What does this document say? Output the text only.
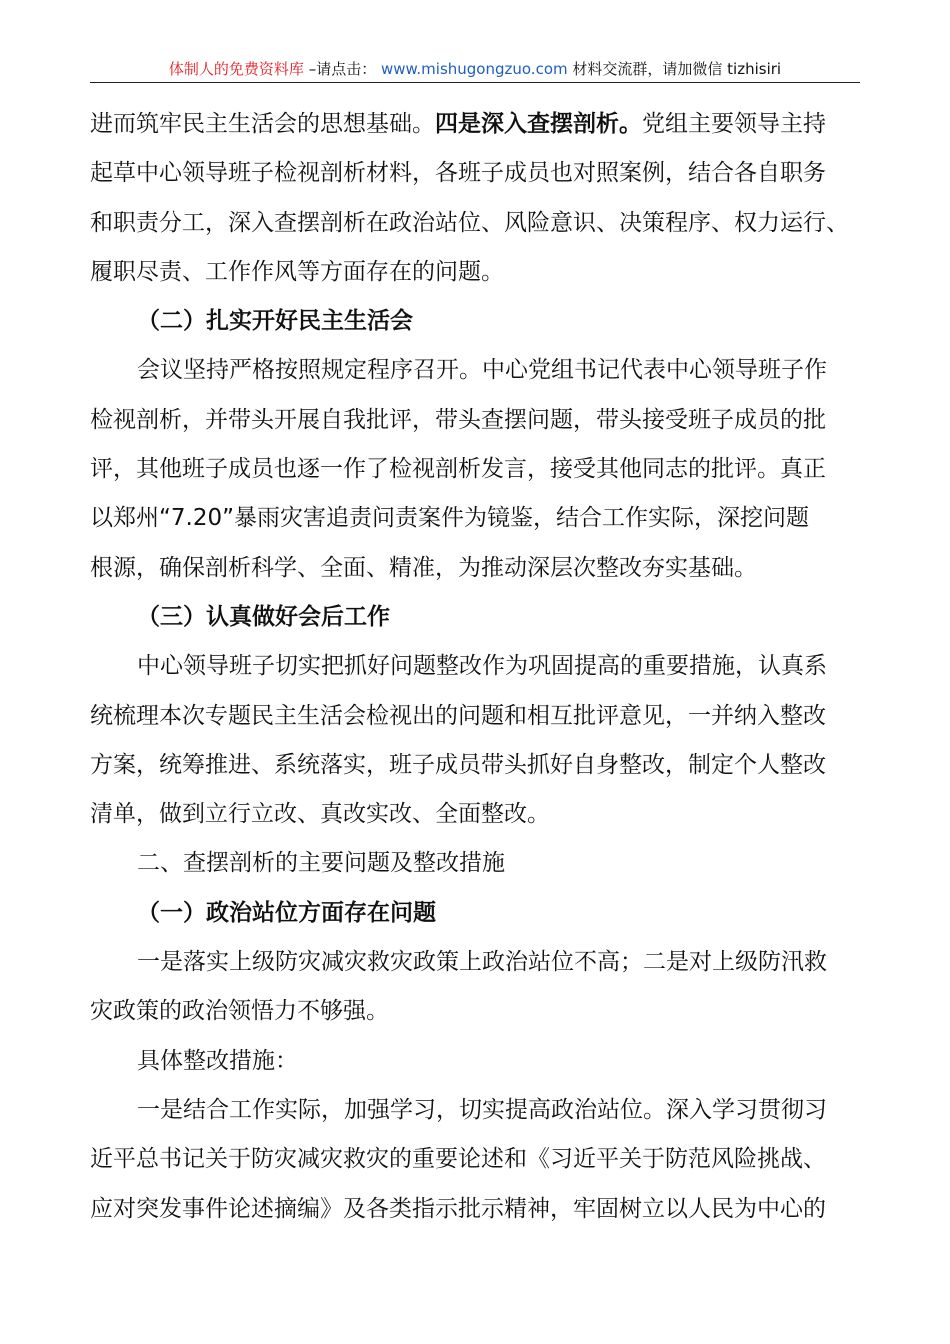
体制人的免费资料库 –请点击： www.mishugongzuo.com 材料交流群，请加微信 tizhisiri
进而筑牢民主生活会的思想基础。四是深入查摆剖析。党组主要领导主持
起草中心领导班子检视剖析材料，各班子成员也对照案例，结合各自职务
和职责分工，深入查摆剖析在政治站位、风险意识、决策程序、权力运行、
履职尽责、工作作风等方面存在的问题。
（二）扎实开好民主生活会
会议坚持严格按照规定程序召开。中心党组书记代表中心领导班子作
检视剖析，并带头开展自我批评，带头查摆问题，带头接受班子成员的批
评，其他班子成员也逐一作了检视剖析发言，接受其他同志的批评。真正
以郑州“7.20”暴雨灾害追责问责案件为镜鉴，结合工作实际，深挖问题
根源，确保剖析科学、全面、精准，为推动深层次整改夯实基础。
（三）认真做好会后工作
中心领导班子切实把抓好问题整改作为巩固提高的重要措施，认真系
统梳理本次专题民主生活会检视出的问题和相互批评意见，一并纳入整改
方案，统筹推进、系统落实，班子成员带头抓好自身整改，制定个人整改
清单，做到立行立改、真改实改、全面整改。
二、查摆剖析的主要问题及整改措施
（一）政治站位方面存在问题
一是落实上级防灾减灾救灾政策上政治站位不高；二是对上级防汛救
灾政策的政治领悟力不够强。
具体整改措施：
一是结合工作实际，加强学习，切实提高政治站位。深入学习贯彻习
近平总书记关于防灾减灾救灾的重要论述和《习近平关于防范风险挑战、
应对突发事件论述摘编》及各类指示批示精神，牢固树立以人民为中心的
